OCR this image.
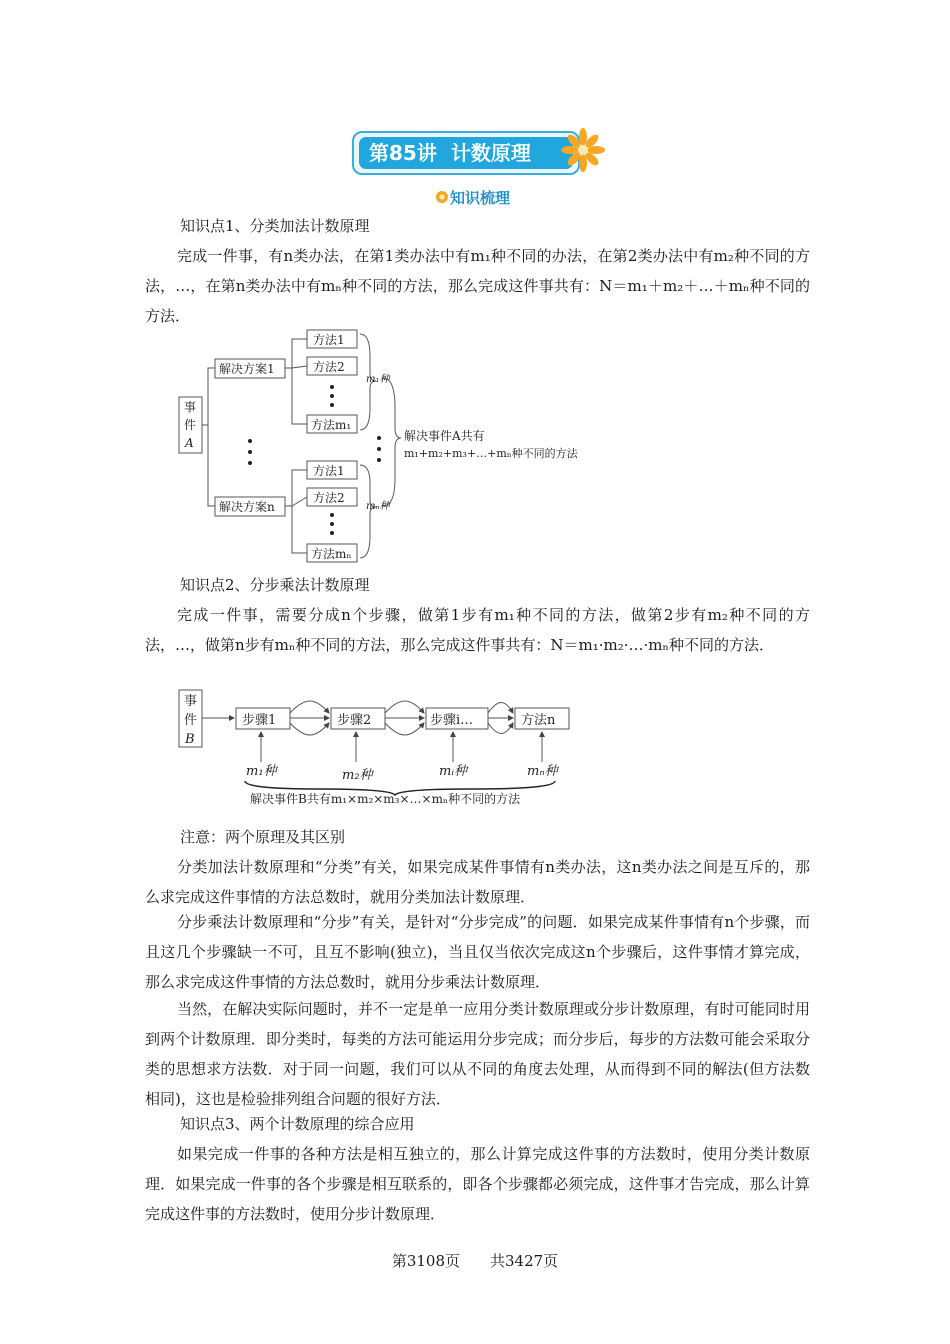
第85讲 计数原理
知识梳理
知识点1、分类加法计数原理

完成一件事，有n类办法，在第1类办法中有m₁种不同的办法，在第2类办法中有m₂种不同的方法，…，在第n类办法中有mₙ种不同的方法，那么完成这件事共有：N＝m₁＋m₂＋…＋mₙ种不同的方法．

事
件
A
解决方案1
解决方案n
方法1
方法2
方法m₁
方法1
方法2
方法mₙ
m₁种
mₙ种
解决事件A共有
m₁+m₂+m₃+…+mₙ种不同的方法
知识点2、分步乘法计数原理

完成一件事，需要分成n个步骤，做第1步有m₁种不同的方法，做第2步有m₂种不同的方法，…，做第n步有mₙ种不同的方法，那么完成这件事共有：N＝m₁·m₂·…·mₙ种不同的方法．

事
件
B
步骤1	步骤2	步骤i…	方法n
m₁种	m₂种	mᵢ种	mₙ种
解决事件B共有m₁×m₂×m₃×…×mₙ种不同的方法
注意：两个原理及其区别

分类加法计数原理和“分类”有关，如果完成某件事情有n类办法，这n类办法之间是互斥的，那么求完成这件事情的方法总数时，就用分类加法计数原理．

分步乘法计数原理和“分步”有关，是针对“分步完成”的问题．如果完成某件事情有n个步骤，而且这几个步骤缺一不可，且互不影响(独立)，当且仅当依次完成这n个步骤后，这件事情才算完成，那么求完成这件事情的方法总数时，就用分步乘法计数原理．

当然，在解决实际问题时，并不一定是单一应用分类计数原理或分步计数原理，有时可能同时用到两个计数原理．即分类时，每类的方法可能运用分步完成；而分步后，每步的方法数可能会采取分类的思想求方法数．对于同一问题，我们可以从不同的角度去处理，从而得到不同的解法(但方法数相同)，这也是检验排列组合问题的很好方法．

知识点3、两个计数原理的综合应用

如果完成一件事的各种方法是相互独立的，那么计算完成这件事的方法数时，使用分类计数原理．如果完成一件事的各个步骤是相互联系的，即各个步骤都必须完成，这件事才告完成，那么计算完成这件事的方法数时，使用分步计数原理．

第3108页　　共3427页
